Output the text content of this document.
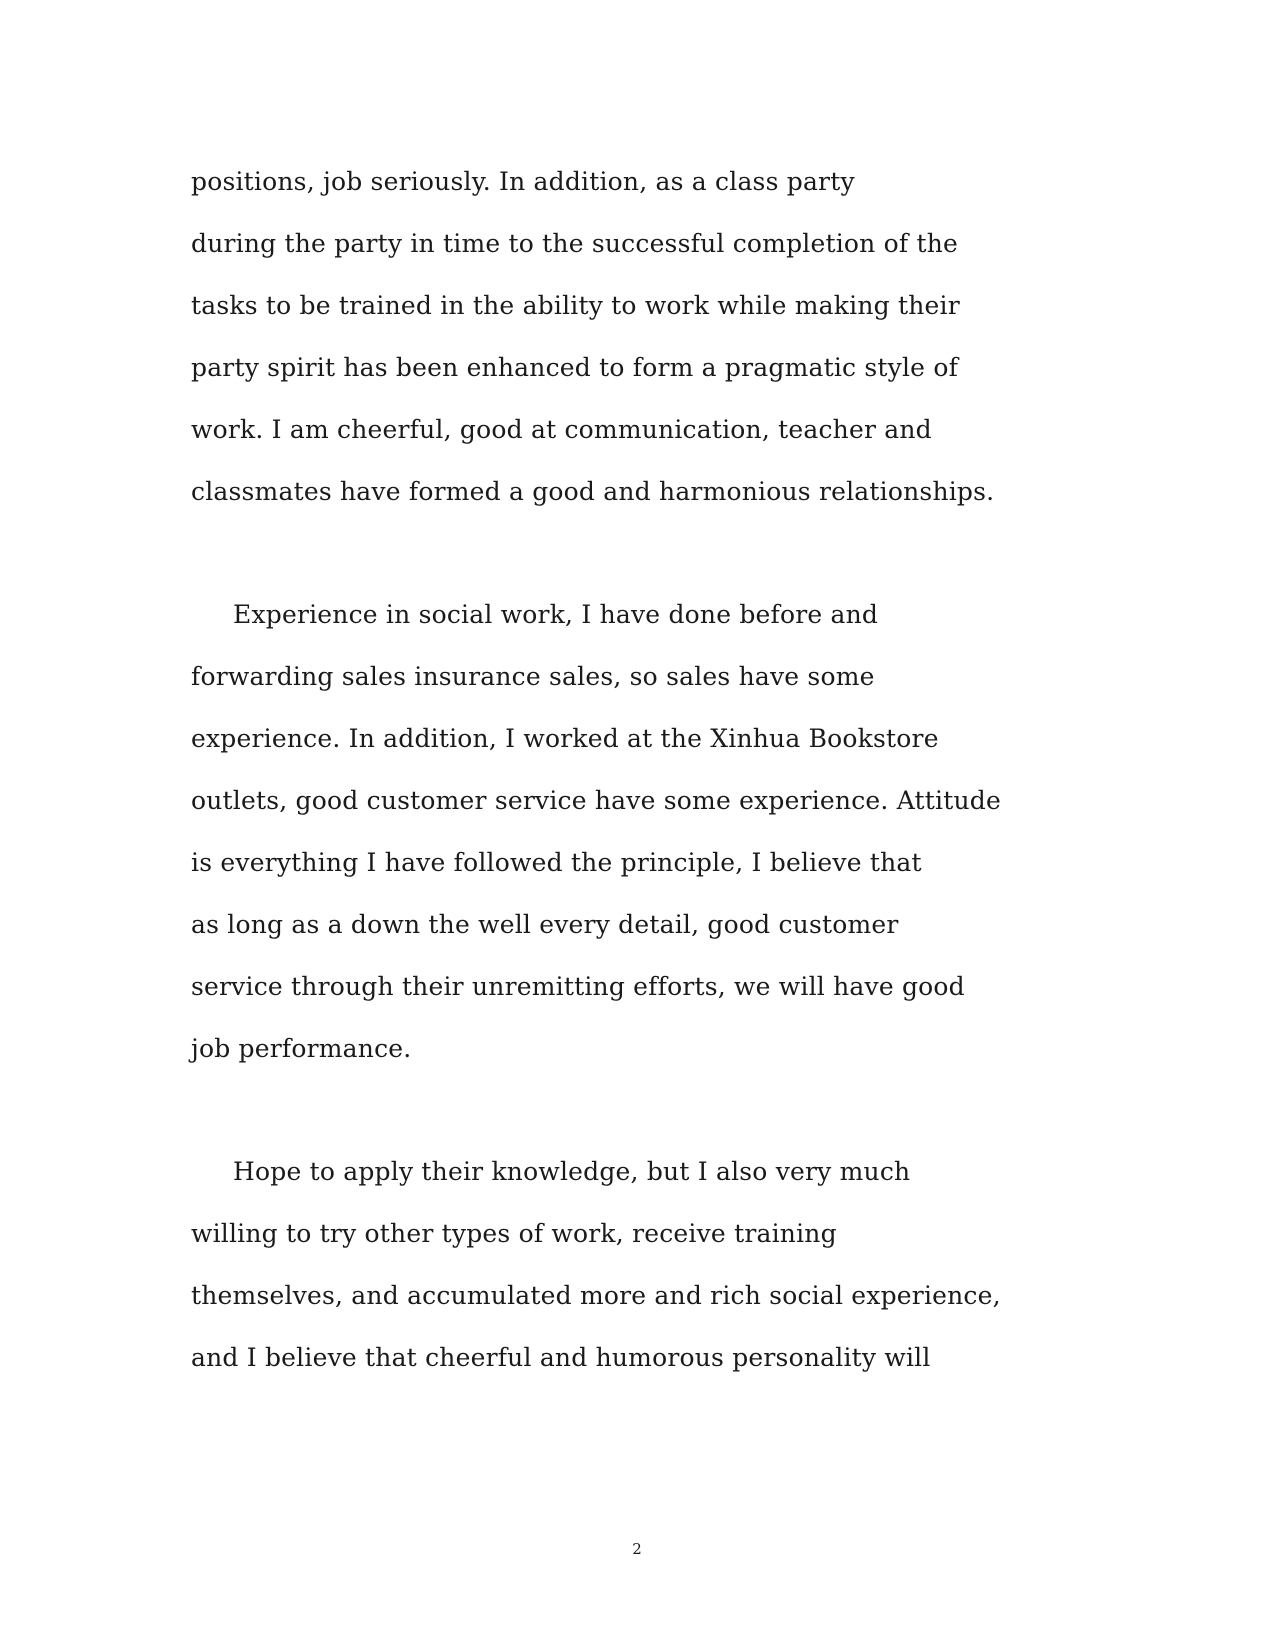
positions, job seriously. In addition, as a class party
during the party in time to the successful completion of the
tasks to be trained in the ability to work while making their
party spirit has been enhanced to form a pragmatic style of
work. I am cheerful, good at communication, teacher and
classmates have formed a good and harmonious relationships.
Experience in social work, I have done before and
forwarding sales insurance sales, so sales have some
experience. In addition, I worked at the Xinhua Bookstore
outlets, good customer service have some experience. Attitude
is everything I have followed the principle, I believe that
as long as a down the well every detail, good customer
service through their unremitting efforts, we will have good
job performance.
Hope to apply their knowledge, but I also very much
willing to try other types of work, receive training
themselves, and accumulated more and rich social experience,
and I believe that cheerful and humorous personality will
2
